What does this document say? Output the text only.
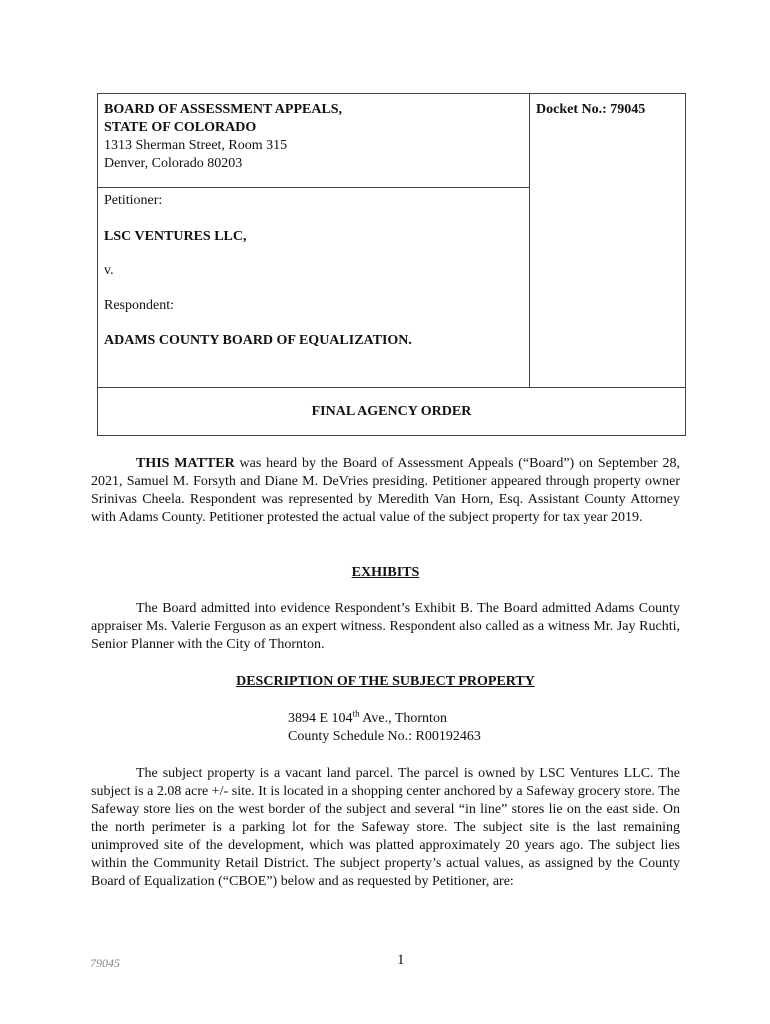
BOARD OF ASSESSMENT APPEALS,
STATE OF COLORADO
1313 Sherman Street, Room 315
Denver, Colorado 80203
Petitioner:
LSC VENTURES LLC,
v.
Respondent:
ADAMS COUNTY BOARD OF EQUALIZATION.
Docket No.: 79045
FINAL AGENCY ORDER
THIS MATTER was heard by the Board of Assessment Appeals (“Board”) on September 28, 2021, Samuel M. Forsyth and Diane M. DeVries presiding. Petitioner appeared through property owner Srinivas Cheela. Respondent was represented by Meredith Van Horn, Esq. Assistant County Attorney with Adams County. Petitioner protested the actual value of the subject property for tax year 2019.
EXHIBITS
The Board admitted into evidence Respondent’s Exhibit B. The Board admitted Adams County appraiser Ms. Valerie Ferguson as an expert witness. Respondent also called as a witness Mr. Jay Ruchti, Senior Planner with the City of Thornton.
DESCRIPTION OF THE SUBJECT PROPERTY
3894 E 104th Ave., Thornton
County Schedule No.: R00192463
The subject property is a vacant land parcel. The parcel is owned by LSC Ventures LLC. The subject is a 2.08 acre +/- site. It is located in a shopping center anchored by a Safeway grocery store. The Safeway store lies on the west border of the subject and several “in line” stores lie on the east side. On the north perimeter is a parking lot for the Safeway store. The subject site is the last remaining unimproved site of the development, which was platted approximately 20 years ago. The subject lies within the Community Retail District. The subject property’s actual values, as assigned by the County Board of Equalization (“CBOE”) below and as requested by Petitioner, are:
79045	1
